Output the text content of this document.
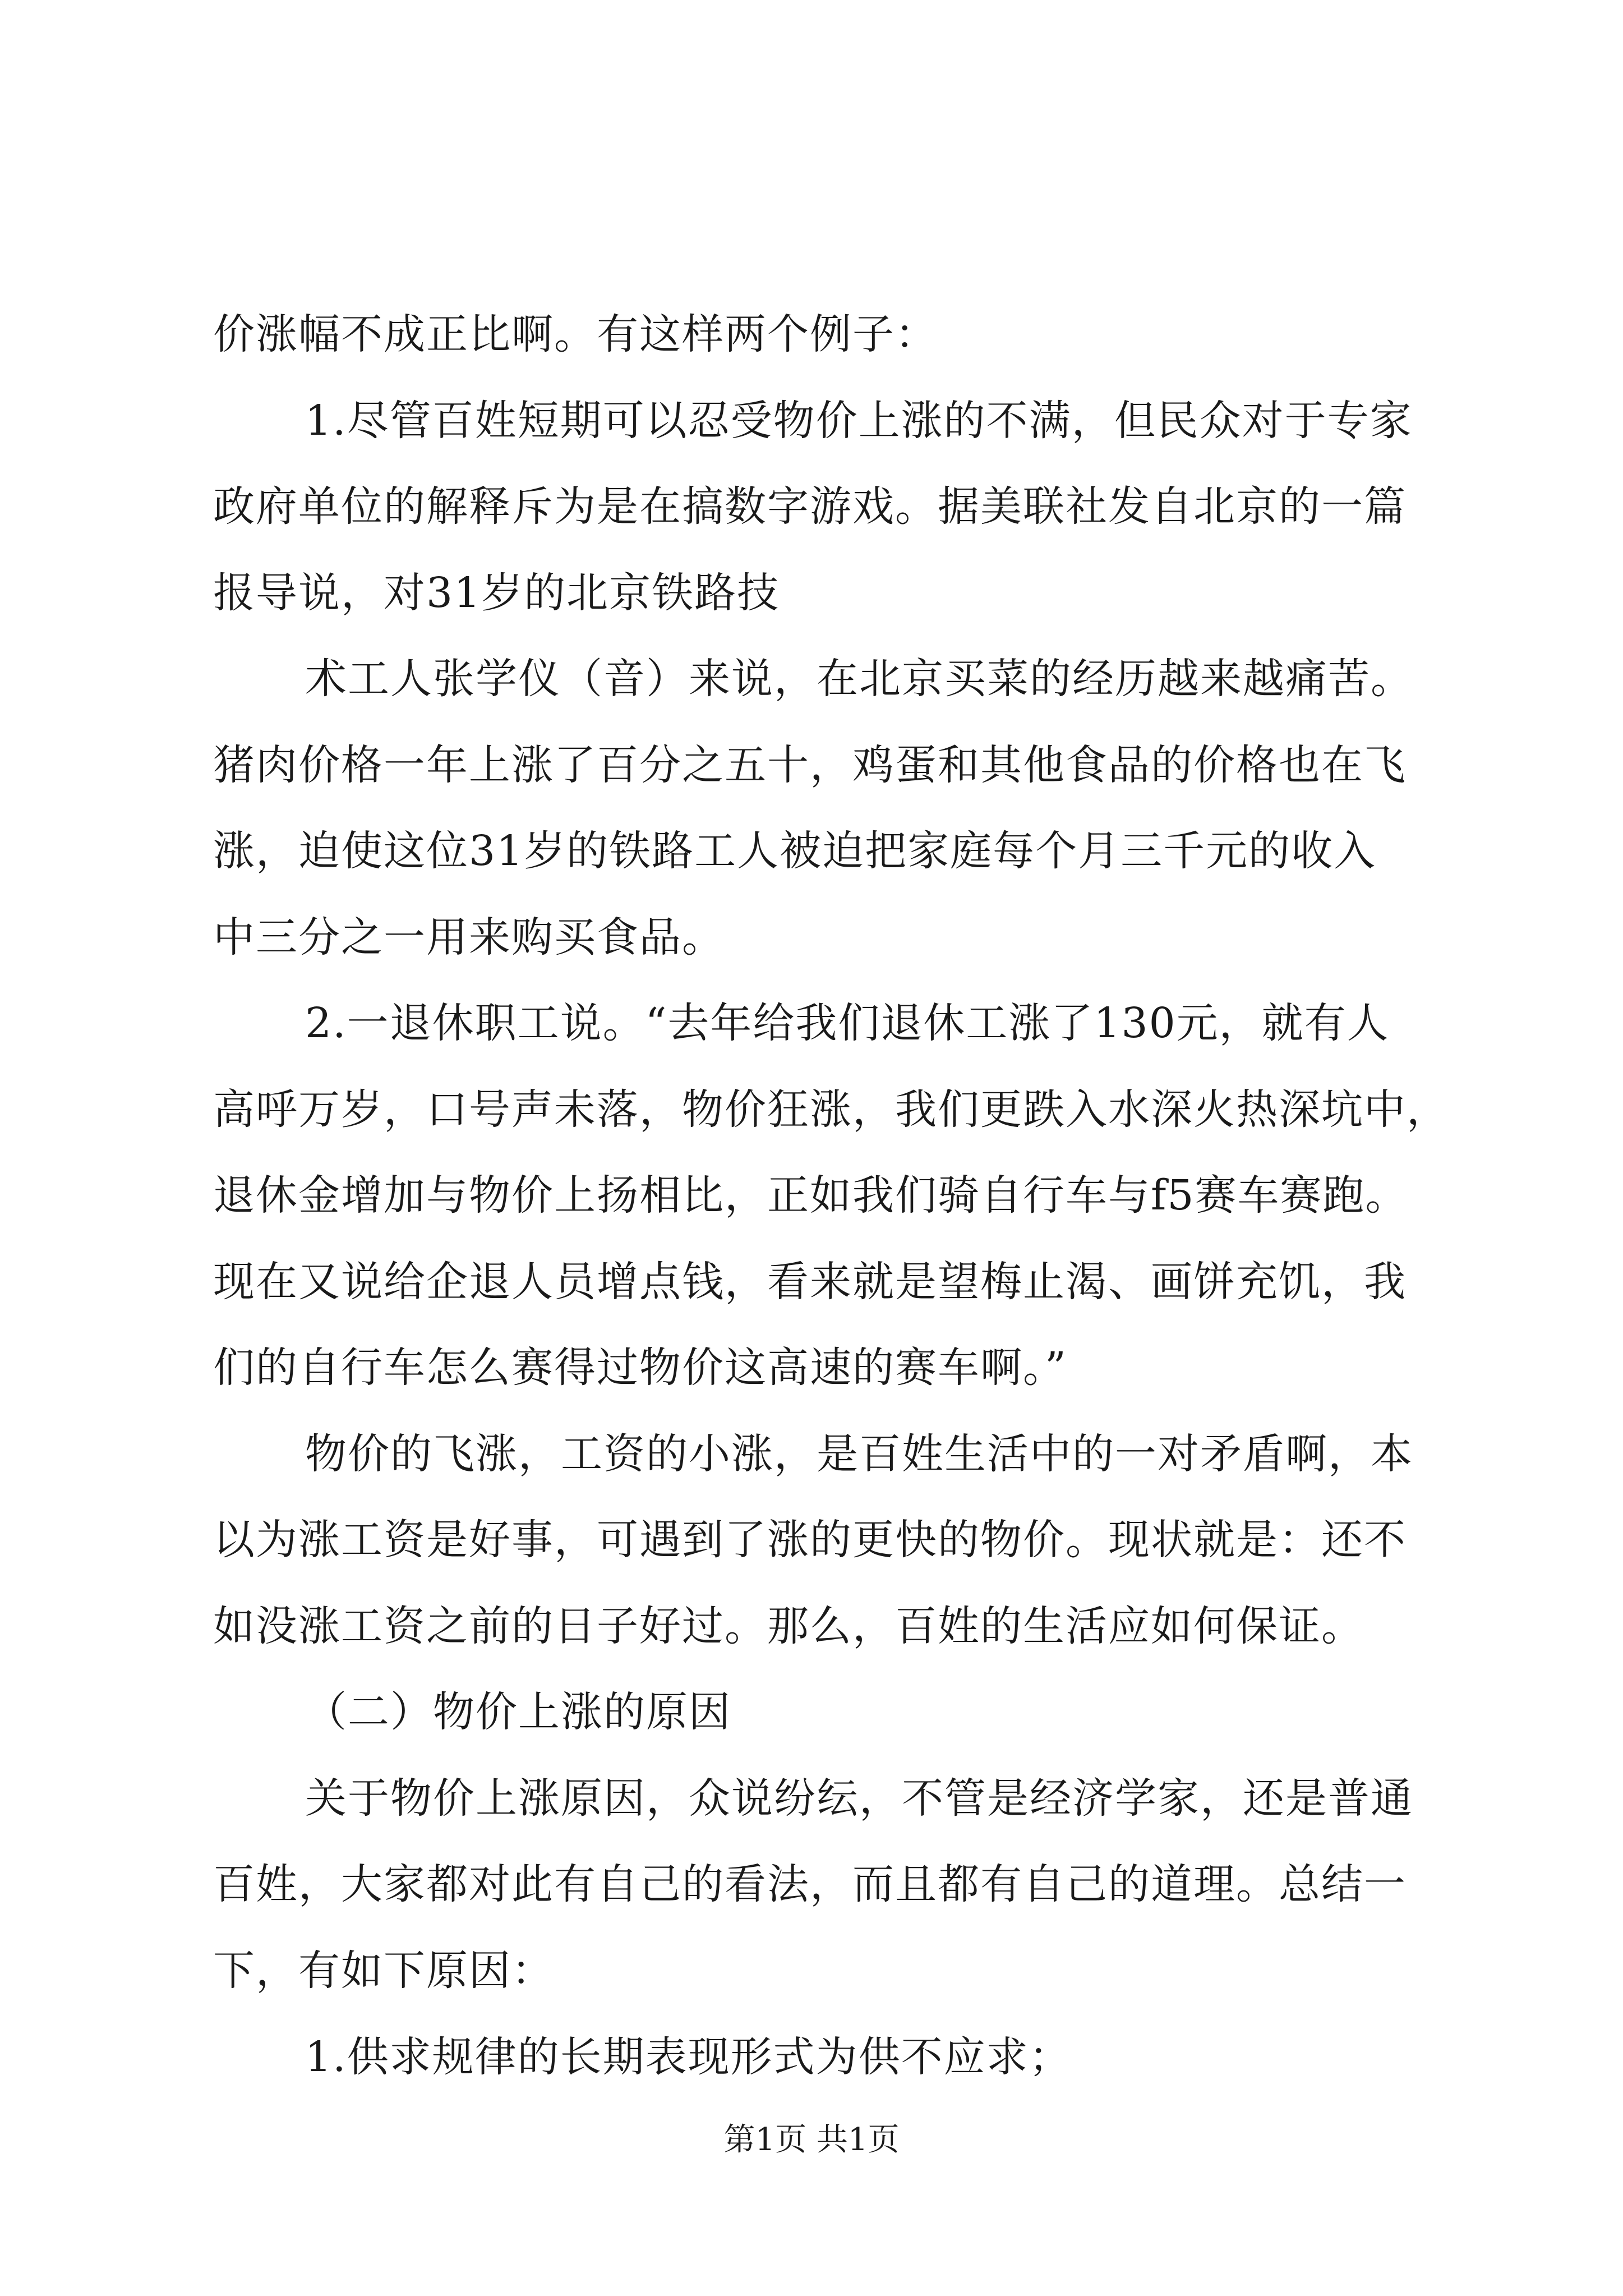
价涨幅不成正比啊。有这样两个例子：
1.尽管百姓短期可以忍受物价上涨的不满，但民众对于专家
政府单位的解释斥为是在搞数字游戏。据美联社发自北京的一篇
报导说，对31岁的北京铁路技
术工人张学仪（音）来说，在北京买菜的经历越来越痛苦。
猪肉价格一年上涨了百分之五十，鸡蛋和其他食品的价格也在飞
涨，迫使这位31岁的铁路工人被迫把家庭每个月三千元的收入
中三分之一用来购买食品。
2.一退休职工说。“去年给我们退休工涨了130元，就有人
高呼万岁，口号声未落，物价狂涨，我们更跌入水深火热深坑中，
退休金增加与物价上扬相比，正如我们骑自行车与f5赛车赛跑。
现在又说给企退人员增点钱，看来就是望梅止渴、画饼充饥，我
们的自行车怎么赛得过物价这高速的赛车啊。”
物价的飞涨，工资的小涨，是百姓生活中的一对矛盾啊，本
以为涨工资是好事，可遇到了涨的更快的物价。现状就是：还不
如没涨工资之前的日子好过。那么，百姓的生活应如何保证。
（二）物价上涨的原因
关于物价上涨原因，众说纷纭，不管是经济学家，还是普通
百姓，大家都对此有自己的看法，而且都有自己的道理。总结一
下，有如下原因：
第1页 共1页
1.供求规律的长期表现形式为供不应求；
